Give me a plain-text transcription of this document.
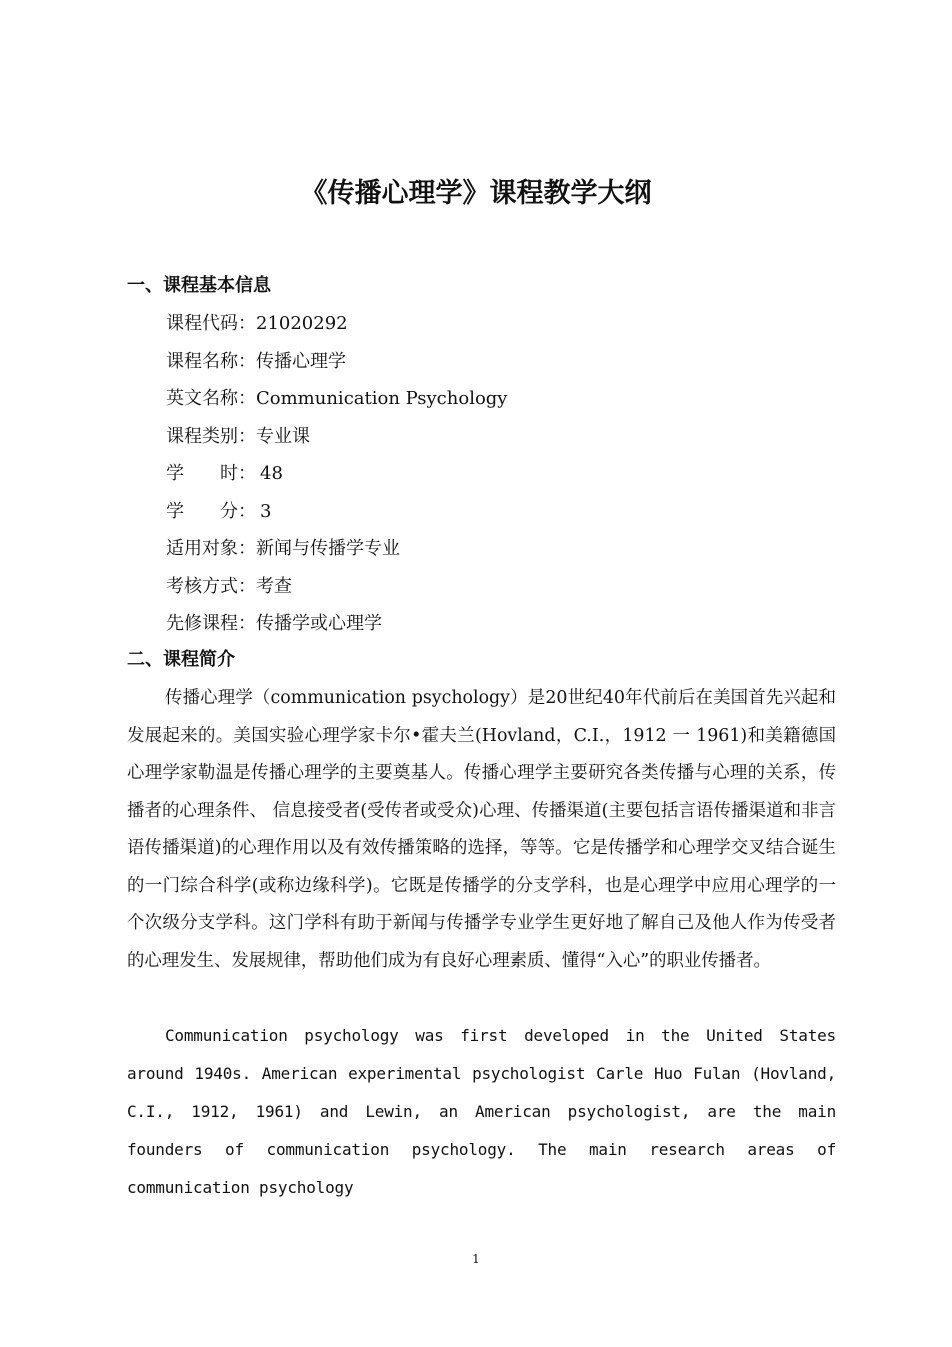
《传播心理学》课程教学大纲
一、课程基本信息
课程代码：21020292
课程名称：传播心理学
英文名称：Communication Psychology
课程类别：专业课
学　　时： 48
学　　分： 3
适用对象：新闻与传播学专业
考核方式：考查
先修课程：传播学或心理学
二、课程简介

传播心理学（communication psychology）是20世纪40年代前后在美国首先兴起和发展起来的。美国实验心理学家卡尔•霍夫兰(Hovland，C.I.，1912 一 1961)和美籍德国心理学家勒温是传播心理学的主要奠基人。传播心理学主要研究各类传播与心理的关系，传播者的心理条件、 信息接受者(受传者或受众)心理、传播渠道(主要包括言语传播渠道和非言语传播渠道)的心理作用以及有效传播策略的选择，等等。它是传播学和心理学交叉结合诞生的一门综合科学(或称边缘科学)。它既是传播学的分支学科，也是心理学中应用心理学的一个次级分支学科。这门学科有助于新闻与传播学专业学生更好地了解自己及他人作为传受者的心理发生、发展规律，帮助他们成为有良好心理素质、懂得“入心”的职业传播者。

Communication psychology was first developed in the United States around 1940s. American experimental psychologist Carle Huo Fulan (Hovland, C.I., 1912, 1961) and Lewin, an American psychologist, are the main founders of communication psychology. The main research areas of communication psychology

1
